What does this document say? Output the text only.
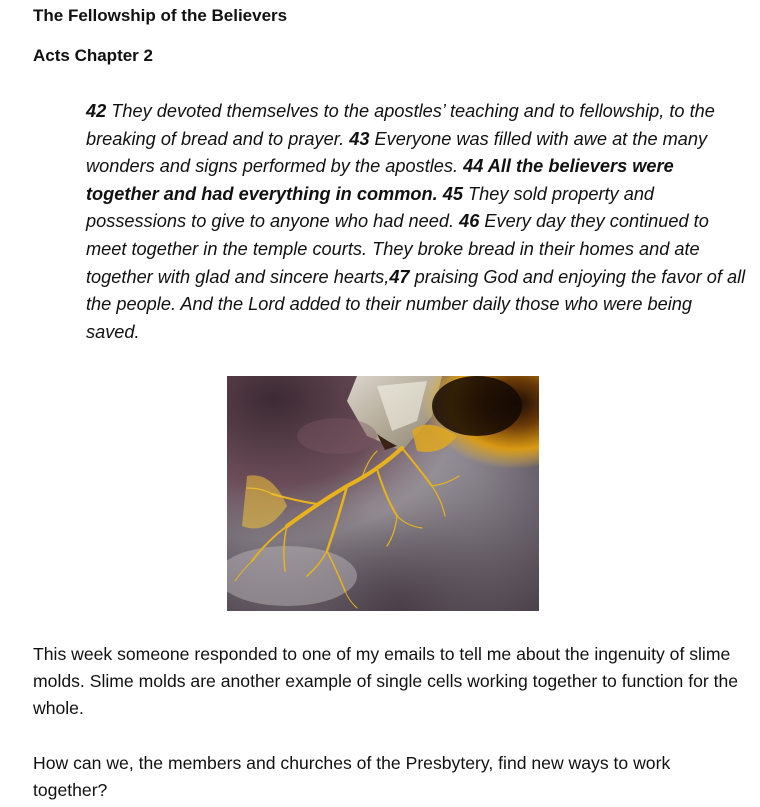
The Fellowship of the Believers

Acts Chapter 2

42 They devoted themselves to the apostles’ teaching and to fellowship, to the breaking of bread and to prayer. 43 Everyone was filled with awe at the many wonders and signs performed by the apostles. 44 All the believers were together and had everything in common. 45 They sold property and possessions to give to anyone who had need. 46 Every day they continued to meet together in the temple courts. They broke bread in their homes and ate together with glad and sincere hearts,47 praising God and enjoying the favor of all the people. And the Lord added to their number daily those who were being saved.

This week someone responded to one of my emails to tell me about the ingenuity of slime molds. Slime molds are another example of single cells working together to function for the whole.

How can we, the members and churches of the Presbytery, find new ways to work together?
